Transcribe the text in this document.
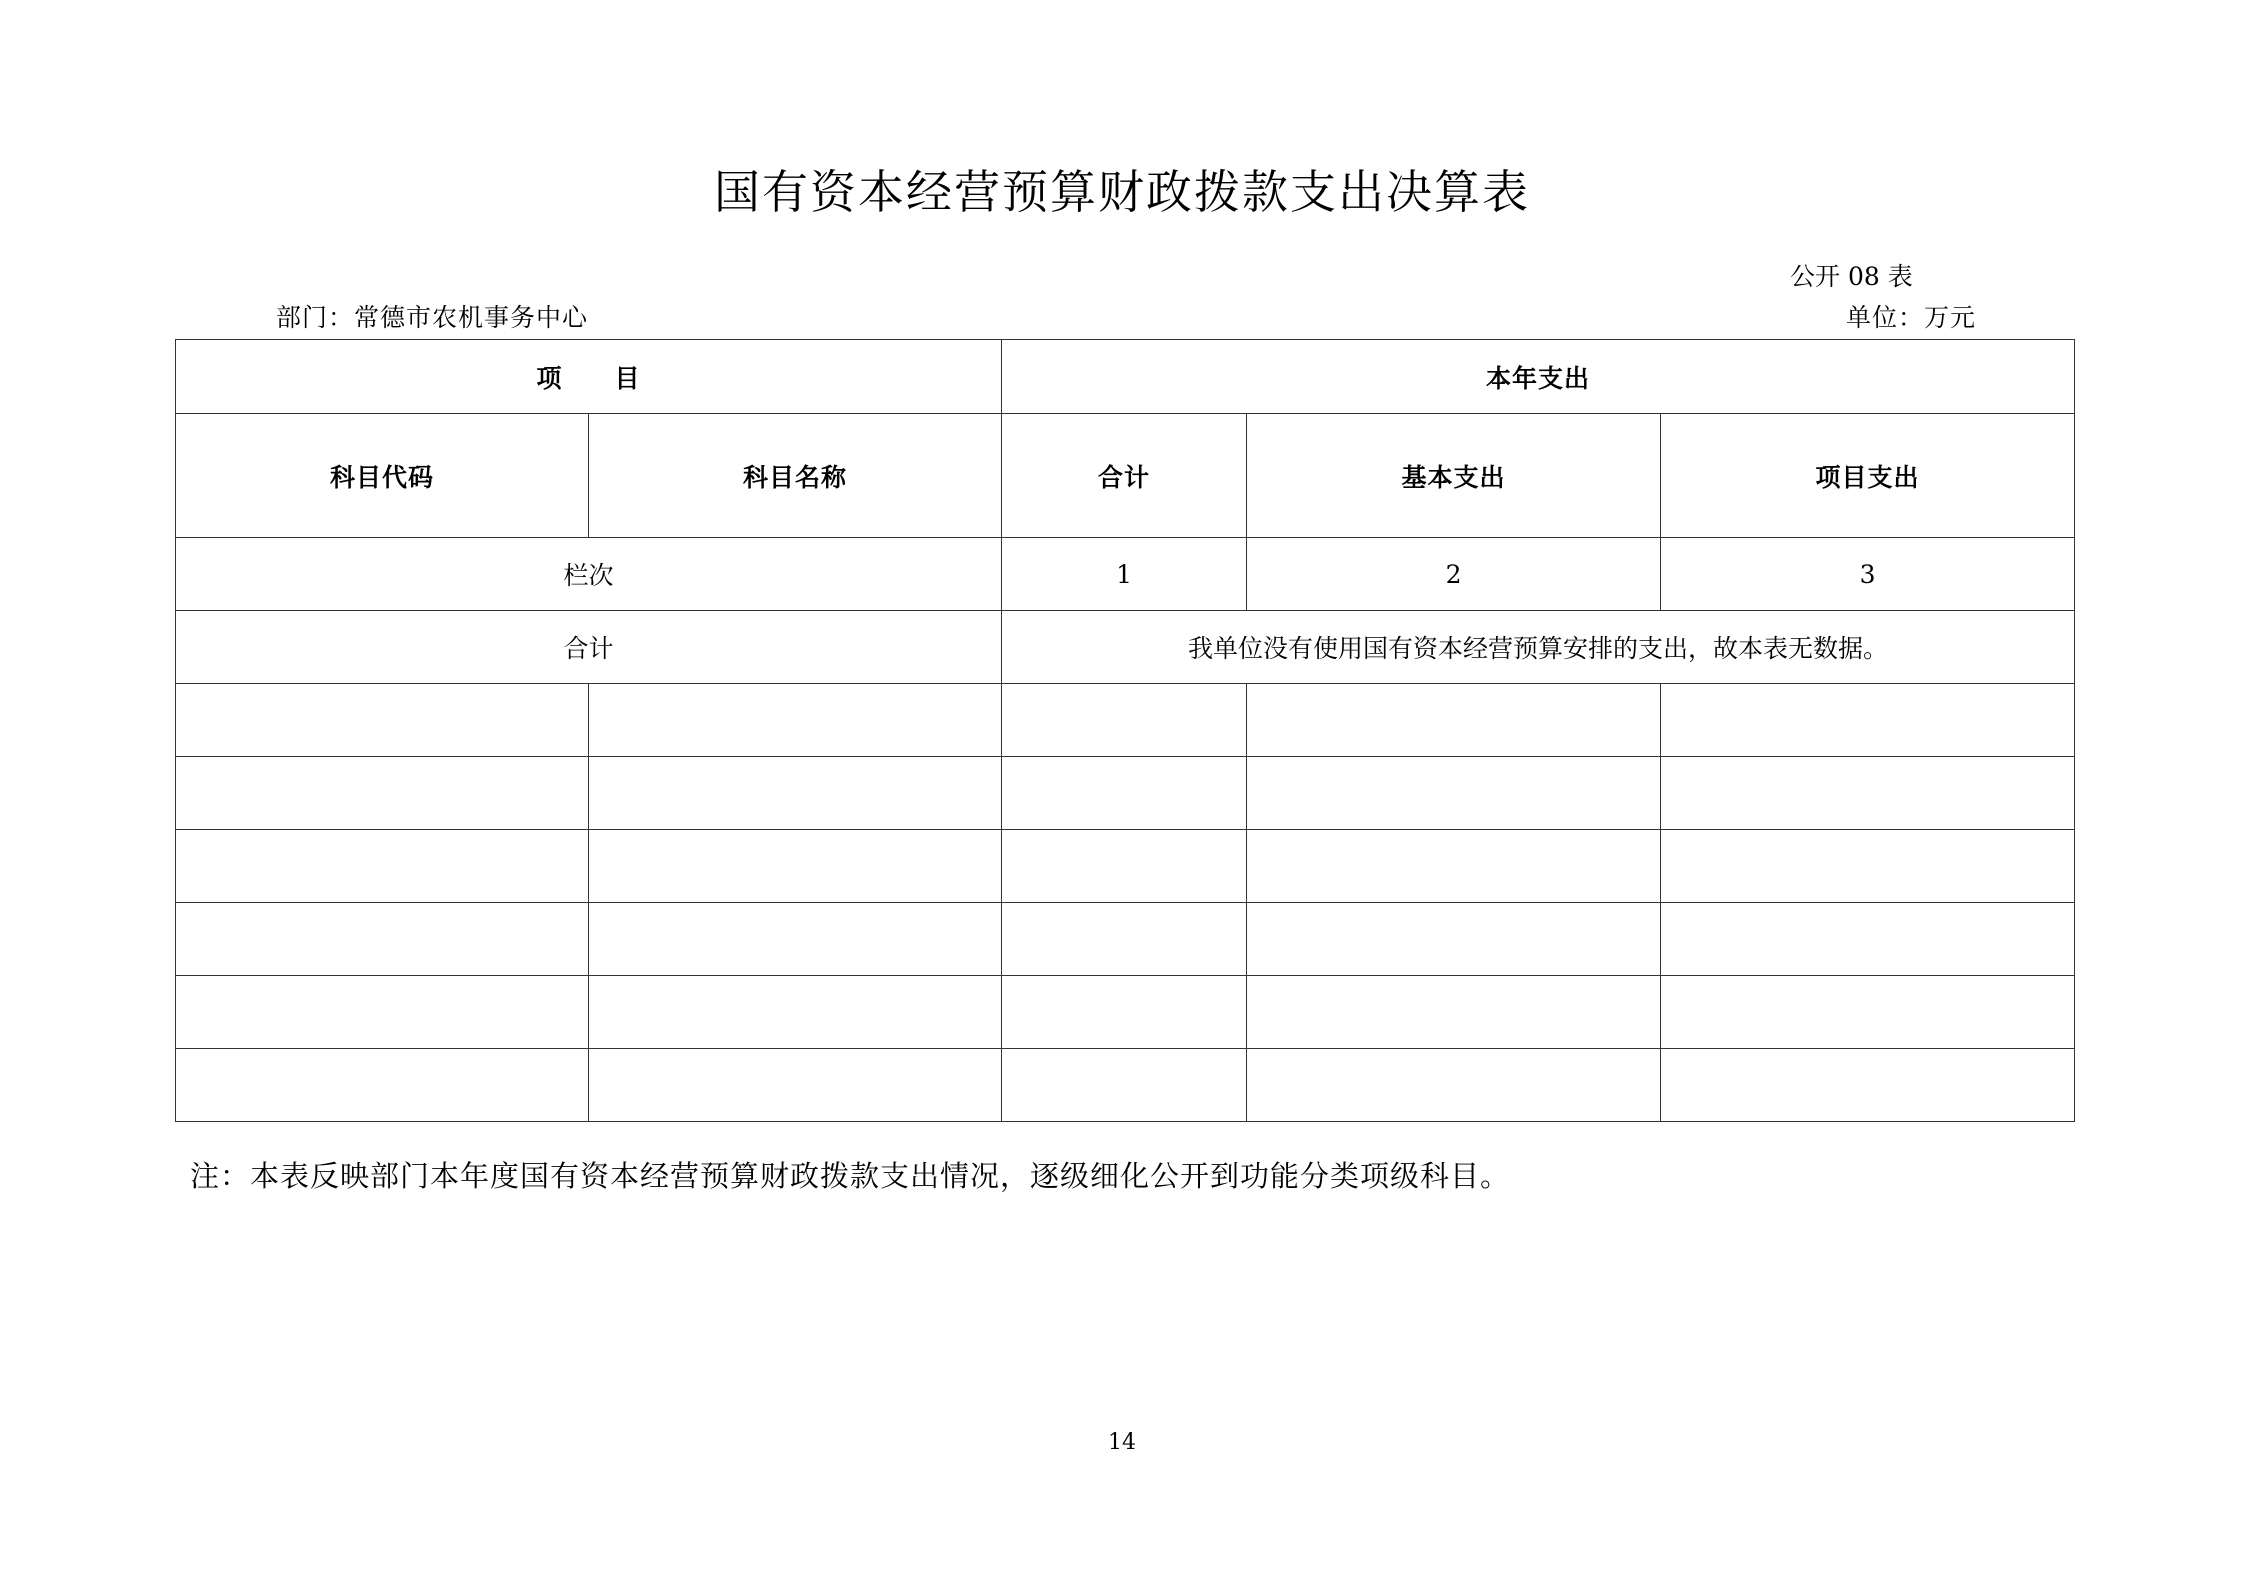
国有资本经营预算财政拨款支出决算表
公开 08 表
部门：常德市农机事务中心	单位：万元
项　　目		本年支出		
科目代码	科目名称	合计	基本支出	项目支出
栏次		1	2	3
合计		我单位没有使用国有资本经营预算安排的支出，故本表无数据。		

注：本表反映部门本年度国有资本经营预算财政拨款支出情况，逐级细化公开到功能分类项级科目。
14
